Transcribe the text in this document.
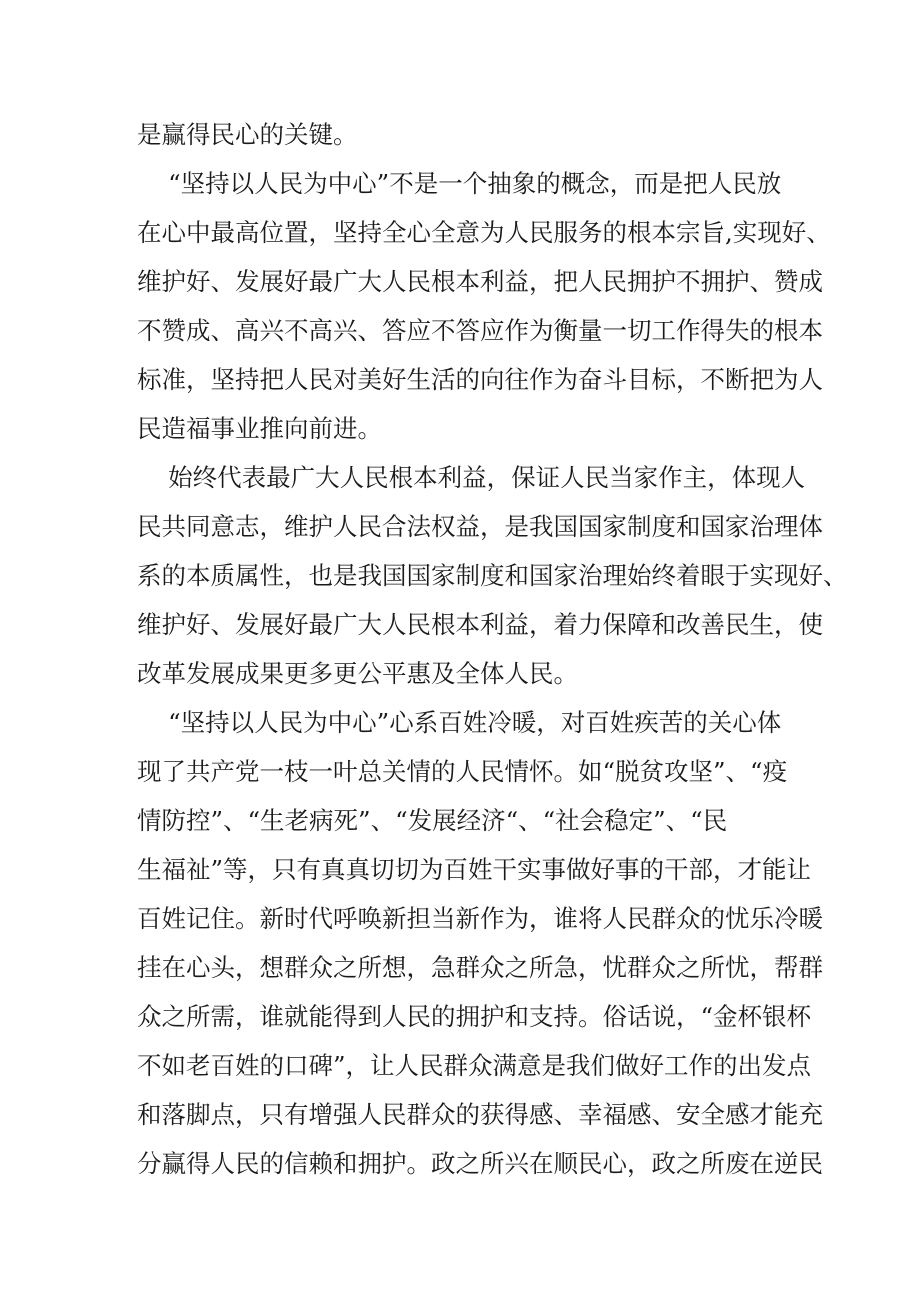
是赢得民心的关键。
“坚持以人民为中心”不是一个抽象的概念，而是把人民放
在心中最高位置，坚持全心全意为人民服务的根本宗旨,实现好、
维护好、发展好最广大人民根本利益，把人民拥护不拥护、赞成
不赞成、高兴不高兴、答应不答应作为衡量一切工作得失的根本
标准，坚持把人民对美好生活的向往作为奋斗目标，不断把为人
民造福事业推向前进。
始终代表最广大人民根本利益，保证人民当家作主，体现人
民共同意志，维护人民合法权益，是我国国家制度和国家治理体
系的本质属性，也是我国国家制度和国家治理始终着眼于实现好、
维护好、发展好最广大人民根本利益，着力保障和改善民生，使
改革发展成果更多更公平惠及全体人民。
“坚持以人民为中心”心系百姓冷暖，对百姓疾苦的关心体
现了共产党一枝一叶总关情的人民情怀。如“脱贫攻坚”、“疫
情防控”、“生老病死”、“发展经济“、“社会稳定”、“民
生福祉”等，只有真真切切为百姓干实事做好事的干部，才能让
百姓记住。新时代呼唤新担当新作为，谁将人民群众的忧乐冷暖
挂在心头，想群众之所想，急群众之所急，忧群众之所忧，帮群
众之所需，谁就能得到人民的拥护和支持。俗话说，“金杯银杯
不如老百姓的口碑”，让人民群众满意是我们做好工作的出发点
和落脚点，只有增强人民群众的获得感、幸福感、安全感才能充
分赢得人民的信赖和拥护。政之所兴在顺民心，政之所废在逆民
